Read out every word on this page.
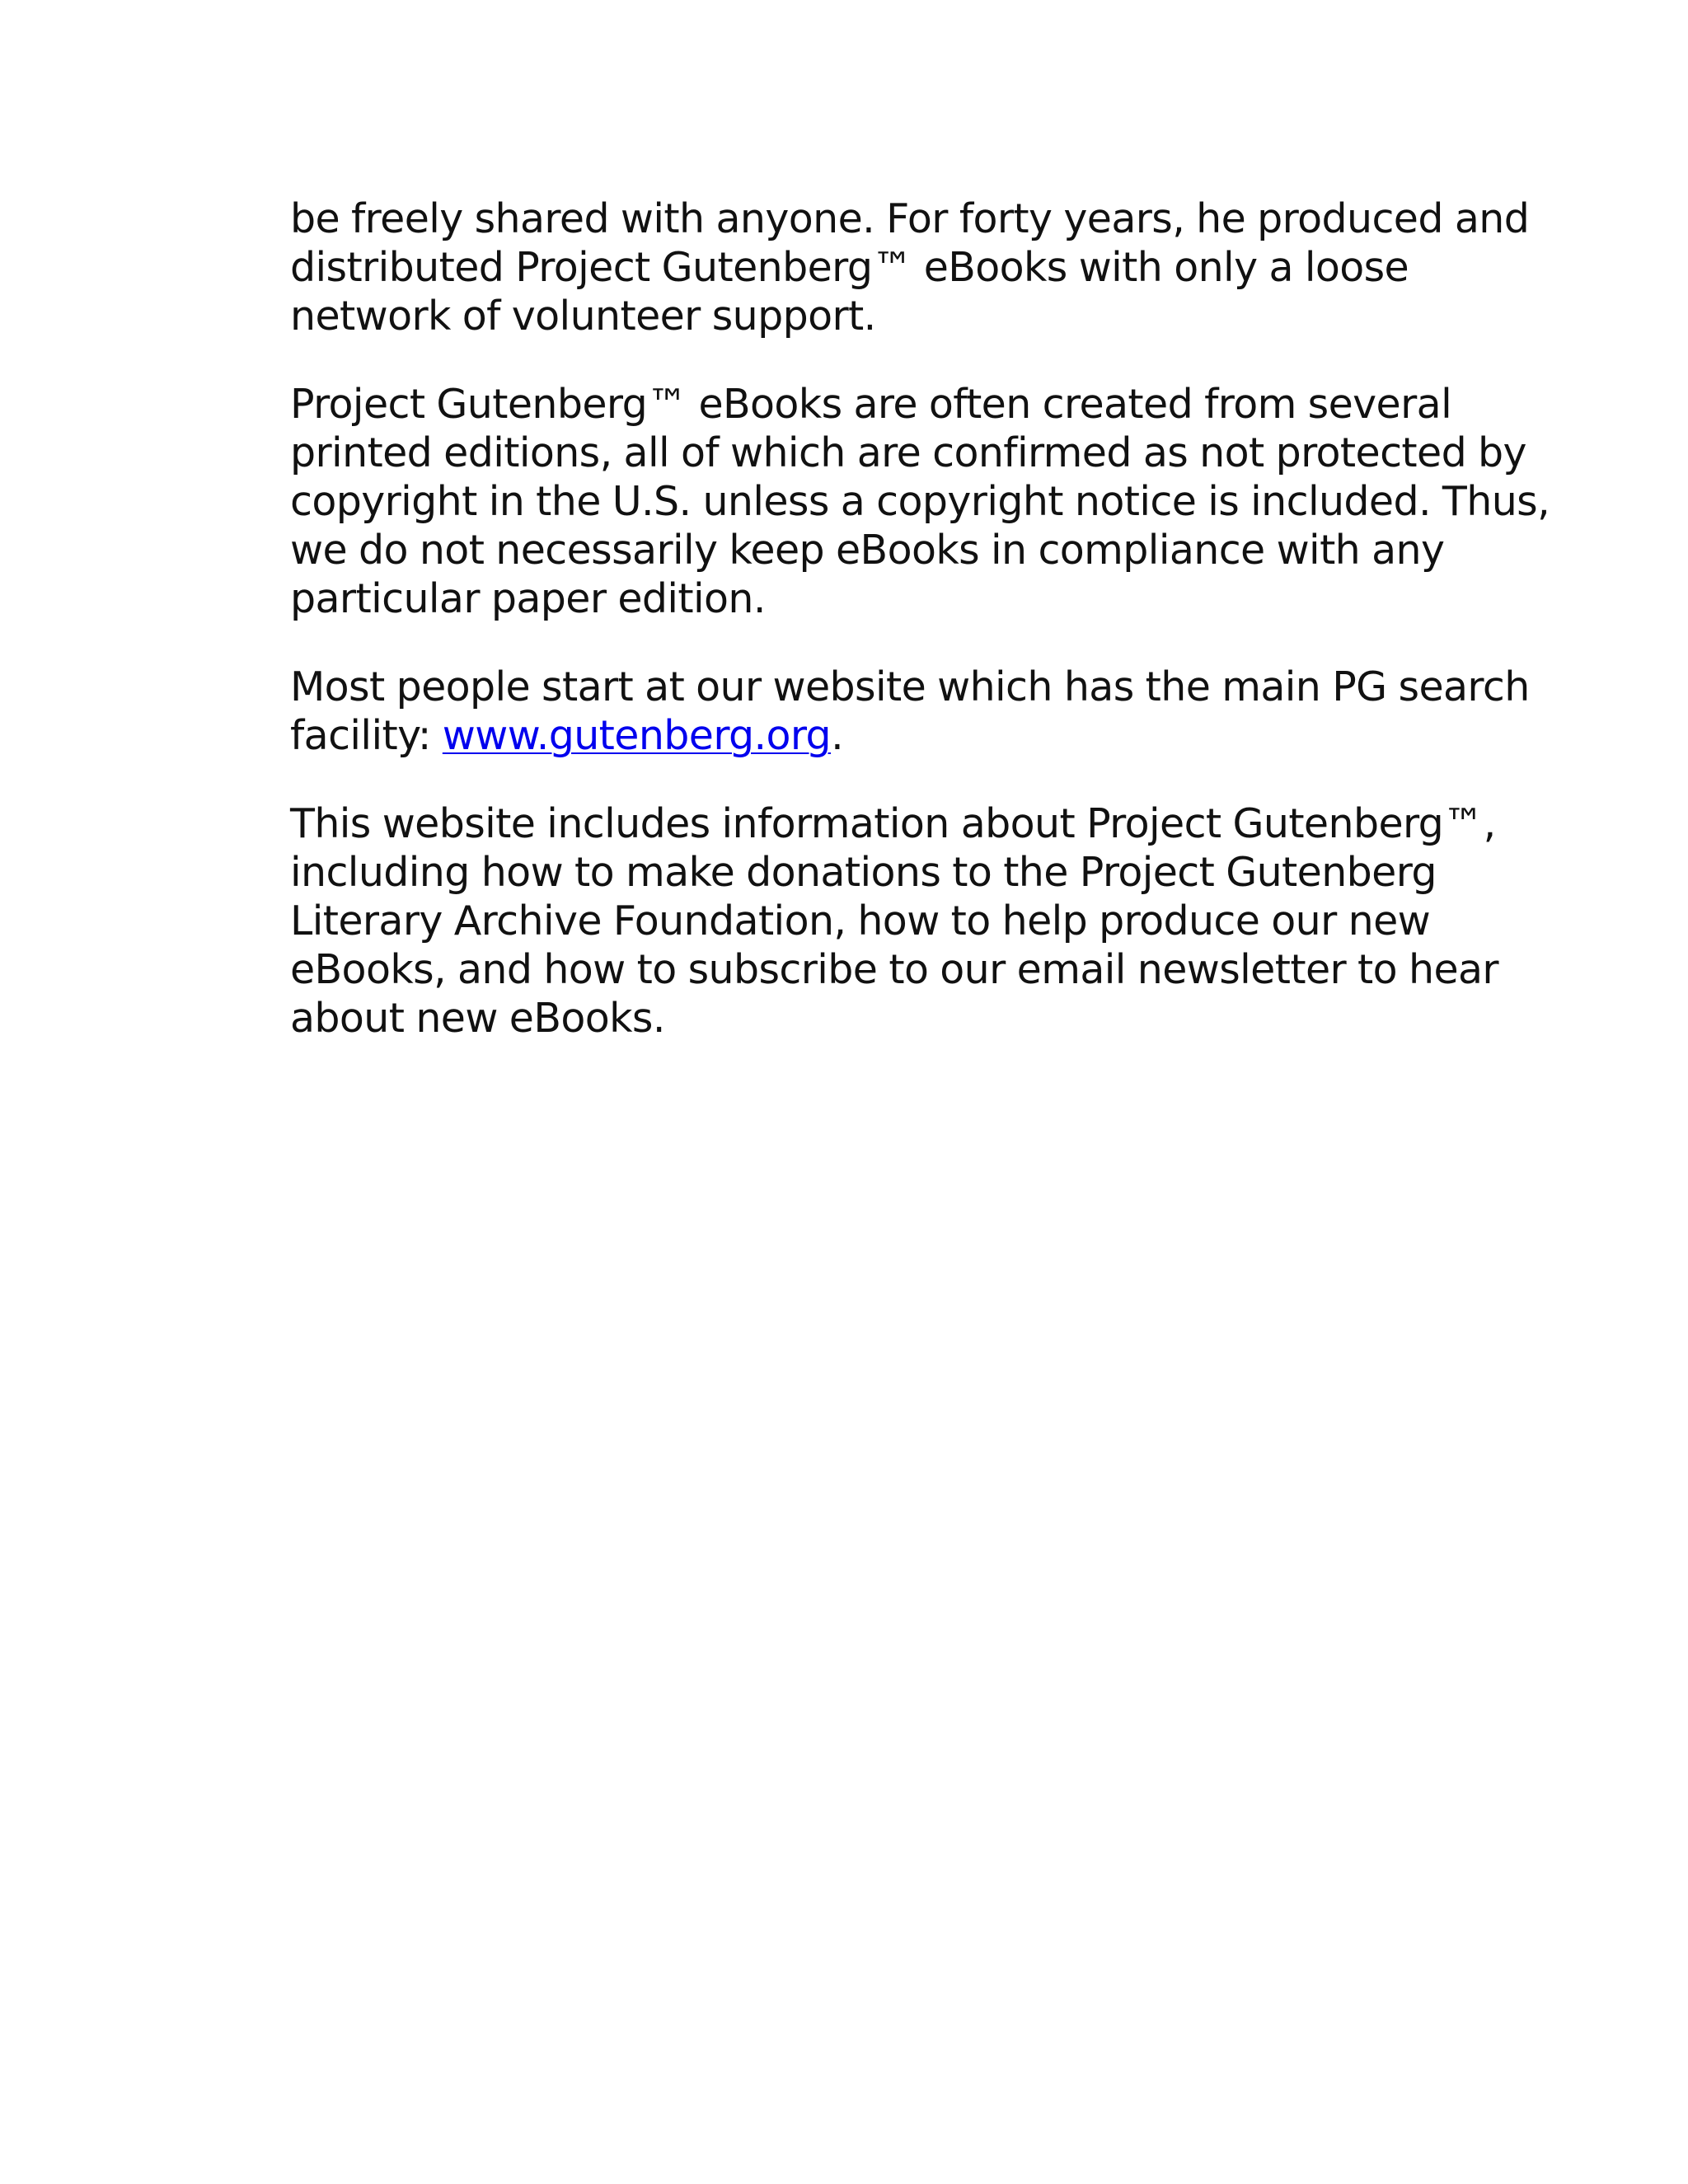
be freely shared with anyone. For forty years, he produced and
distributed Project Gutenberg™ eBooks with only a loose
network of volunteer support.

Project Gutenberg™ eBooks are often created from several
printed editions, all of which are confirmed as not protected by
copyright in the U.S. unless a copyright notice is included. Thus,
we do not necessarily keep eBooks in compliance with any
particular paper edition.

Most people start at our website which has the main PG search
facility: www.gutenberg.org.

This website includes information about Project Gutenberg™,
including how to make donations to the Project Gutenberg
Literary Archive Foundation, how to help produce our new
eBooks, and how to subscribe to our email newsletter to hear
about new eBooks.
